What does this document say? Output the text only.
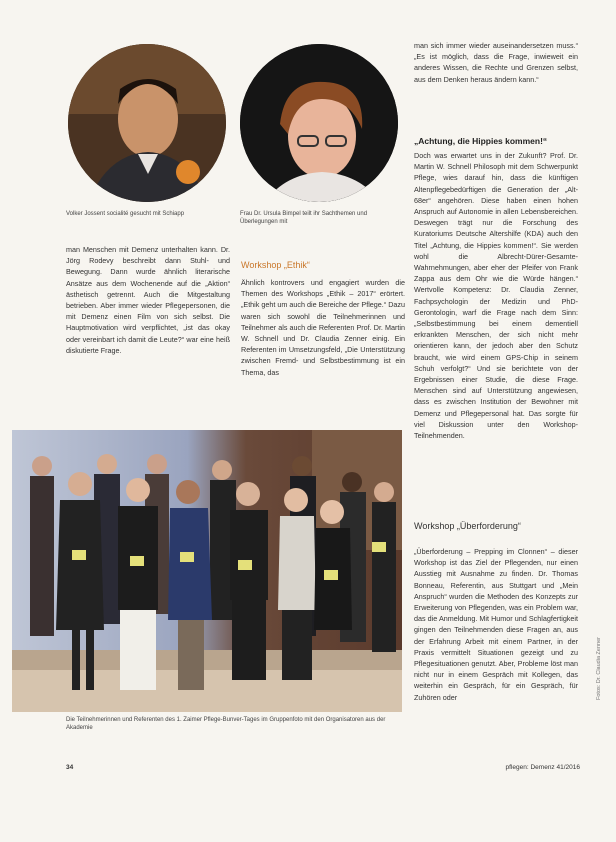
Volker Jossent socialité gesucht mit Schiapp	Frau Dr. Ursula Bimpel teilt ihr Sachthemen und Überlegungen mit
man Menschen mit Demenz unterhalten kann. Dr. Jörg Rodevy beschreibt dann Stuhl- und Bewegung. Dann wurde ähnlich literarische Ansätze aus dem Wochenende auf die „Aktion“ ästhetisch getrennt. Auch die Mitgestaltung betrieben. Aber immer wieder Pflegepersonen, die mit Demenz einen Film von sich selbst. Die Hauptmotivation wird verpflichtet, „ist das okay oder vereinbart ich damit die Leute?“ war eine heiß diskutierte Frage.
Workshop „Ethik“
Ähnlich kontrovers und engagiert wurden die Themen des Workshops „Ethik – 2017“ erörtert. „Ethik geht um auch die Bereiche der Pflege.“ Dazu waren sich sowohl die Teilnehmerinnen und Teilnehmer als auch die Referenten Prof. Dr. Martin W. Schnell und Dr. Claudia Zenner einig. Ein Referenten im Umsetzungsfeld, „Die Unterstützung zwischen Fremd- und Selbstbestimmung ist ein Thema, das
man sich immer wieder auseinandersetzen muss.“ „Es ist möglich, dass die Frage, inwieweit ein anderes Wissen, die Rechte und Grenzen selbst, aus dem Denken heraus ändern kann.“
„Achtung, die Hippies kommen!“
Doch was erwartet uns in der Zukunft? Prof. Dr. Martin W. Schnell Philosoph mit dem Schwerpunkt Pflege, wies darauf hin, dass die künftigen Altenpflegebedürftigen die Generation der „Alt-68er“ angehören. Diese haben einen hohen Anspruch auf Autonomie in allen Lebensbereichen. Deswegen trägt nur die Forschung des Kuratoriums Deutsche Altershilfe (KDA) auch den Titel „Achtung, die Hippies kommen!“. Sie werden wohl die Albrecht-Dürer-Gesamte-Wahrnehmungen, aber eher der Pfeifer von Frank Zappa aus dem Ohr wie die Würde hängen.“ Wertvolle Kompetenz: Dr. Claudia Zenner, Fachpsychologin der Medizin und PhD-Gerontologin, warf die Frage nach dem Sinn: „Selbstbestimmung bei einem dementiell erkrankten Menschen, der sich nicht mehr orientieren kann, der jedoch aber den Schutz braucht, wie wird einem GPS-Chip in seinem Schuh verfolgt?“ Und sie berichtete von der Ergebnissen einer Studie, die diese Frage. Menschen sind auf Unterstützung angewiesen, dass es zwischen Institution der Bewohner mit Demenz und Pflegepersonal hat. Das sorgte für viel Diskussion unter den Workshop-Teilnehmenden.
Die Teilnehmerinnen und Referenten des 1. Zaimer Pflege-Bunver-Tages im Gruppenfoto mit den Organisatoren aus der Akademie
Workshop „Überforderung“
„Überforderung – Prepping im Clonnen“ – dieser Workshop ist das Ziel der Pflegenden, nur einen Ausstieg mit Ausnahme zu finden. Dr. Thomas Bonneau, Referentin, aus Stuttgart und „Mein Anspruch“ wurden die Methoden des Konzepts zur Erweiterung von Pflegenden, was ein Problem war, das die Anmeldung. Mit Humor und Schlagfertigkeit gingen den Teilnehmenden diese Fragen an, aus der Erfahrung Arbeit mit einem Partner, in der Praxis vermittelt Situationen gezeigt und zu Pflegesituationen genutzt. Aber, Probleme löst man nicht nur in einem Gespräch mit Kollegen, das weiterhin ein Gespräch, für ein Gespräch, für Zuhören oder	Fotos: Dr. Claudia Zenner
34	pflegen: Demenz 41/2016
